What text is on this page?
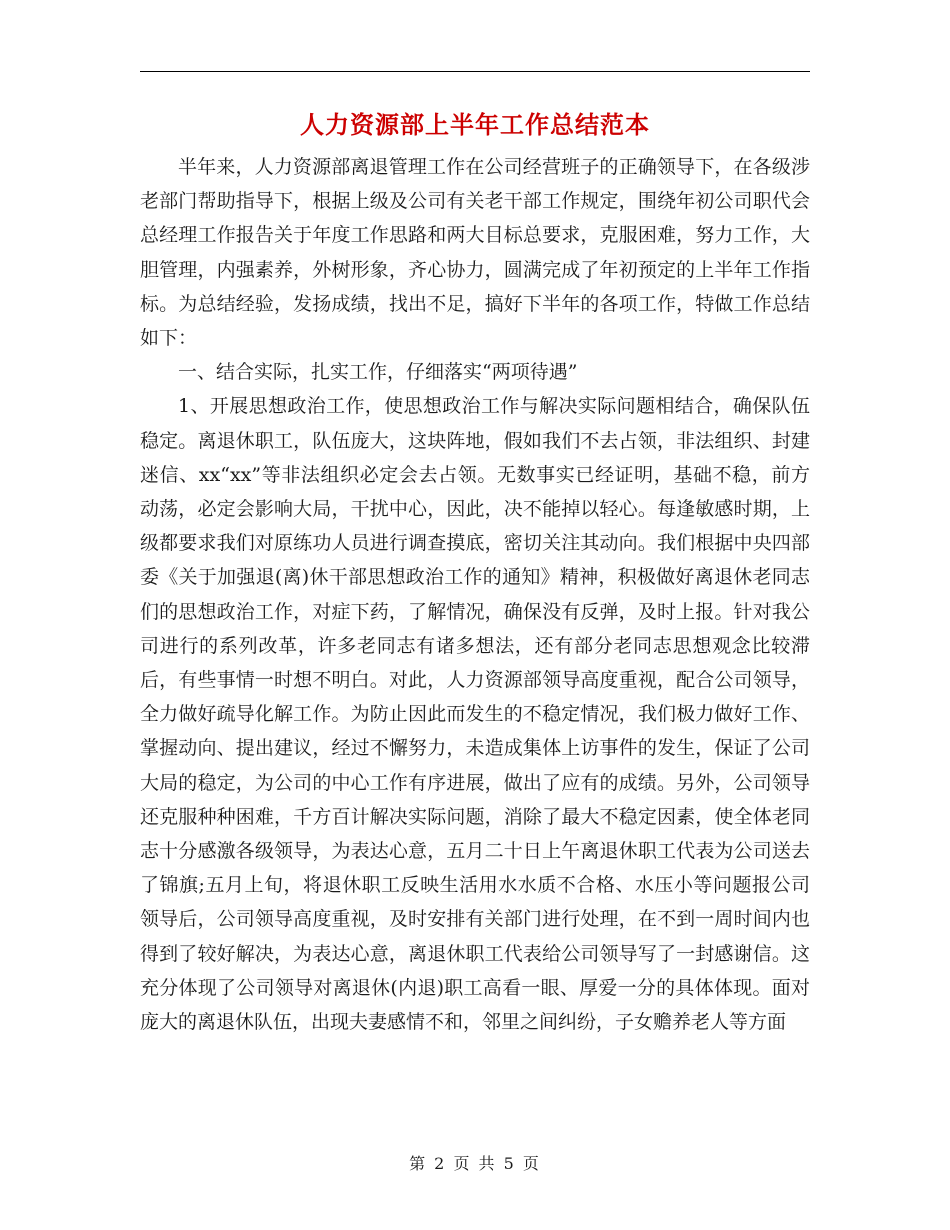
人力资源部上半年工作总结范本

半年来，人力资源部离退管理工作在公司经营班子的正确领导下，在各级涉老部门帮助指导下，根据上级及公司有关老干部工作规定，围绕年初公司职代会总经理工作报告关于年度工作思路和两大目标总要求，克服困难，努力工作，大胆管理，内强素养，外树形象，齐心协力，圆满完成了年初预定的上半年工作指标。为总结经验，发扬成绩，找出不足，搞好下半年的各项工作，特做工作总结如下：

一、结合实际，扎实工作，仔细落实“两项待遇”

1、开展思想政治工作，使思想政治工作与解决实际问题相结合，确保队伍稳定。离退休职工，队伍庞大，这块阵地，假如我们不去占领，非法组织、封建迷信、xx“xx”等非法组织必定会去占领。无数事实已经证明，基础不稳，前方动荡，必定会影响大局，干扰中心，因此，决不能掉以轻心。每逢敏感时期，上级都要求我们对原练功人员进行调查摸底，密切关注其动向。我们根据中央四部委《关于加强退(离)休干部思想政治工作的通知》精神，积极做好离退休老同志们的思想政治工作，对症下药，了解情况，确保没有反弹，及时上报。针对我公司进行的系列改革，许多老同志有诸多想法，还有部分老同志思想观念比较滞后，有些事情一时想不明白。对此，人力资源部领导高度重视，配合公司领导，全力做好疏导化解工作。为防止因此而发生的不稳定情况，我们极力做好工作、掌握动向、提出建议，经过不懈努力，未造成集体上访事件的发生，保证了公司大局的稳定，为公司的中心工作有序进展，做出了应有的成绩。另外，公司领导还克服种种困难，千方百计解决实际问题，消除了最大不稳定因素，使全体老同志十分感激各级领导，为表达心意，五月二十日上午离退休职工代表为公司送去了锦旗;五月上旬，将退休职工反映生活用水水质不合格、水压小等问题报公司领导后，公司领导高度重视，及时安排有关部门进行处理，在不到一周时间内也得到了较好解决，为表达心意，离退休职工代表给公司领导写了一封感谢信。这充分体现了公司领导对离退休(内退)职工高看一眼、厚爱一分的具体体现。面对庞大的离退休队伍，出现夫妻感情不和，邻里之间纠纷，子女赡养老人等方面

第 2 页 共 5 页
